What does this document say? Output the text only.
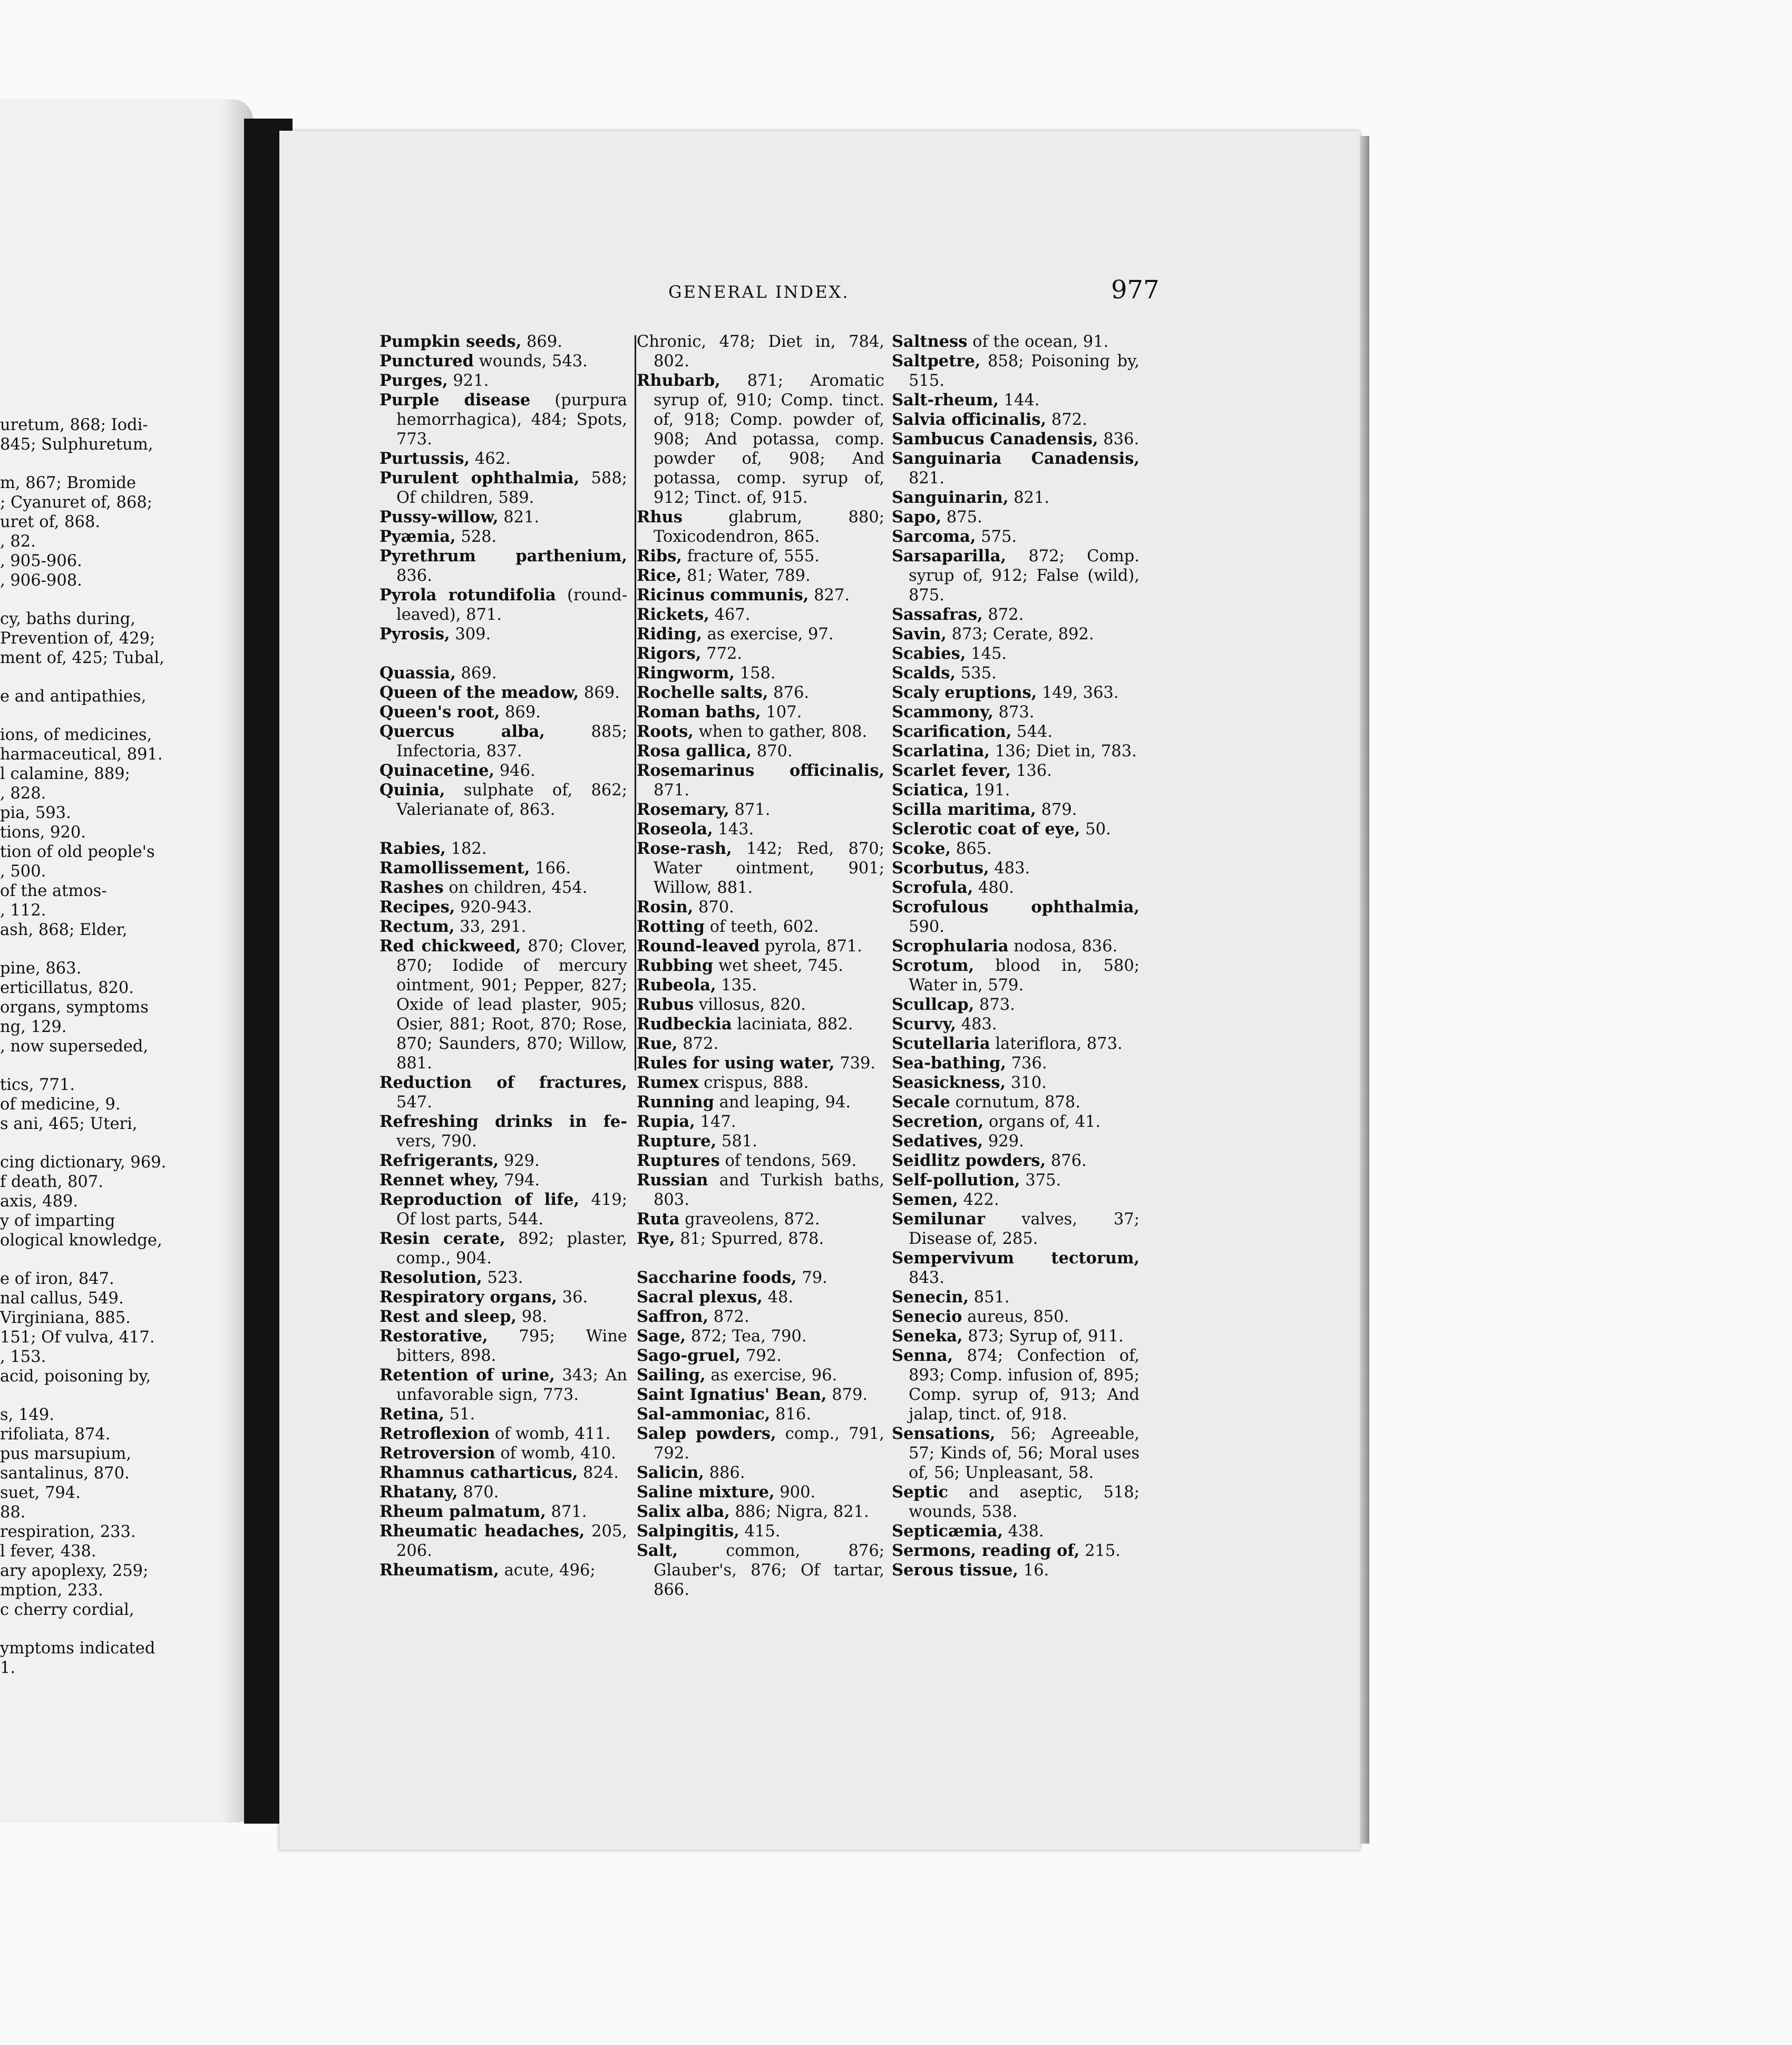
uretum, 868; Iodi-
845; Sulphuretum,
m, 867; Bromide
; Cyanuret of, 868;
uret of, 868.
, 82.
, 905-906.
, 906-908.
cy, baths during,
Prevention of, 429;
ment of, 425; Tubal,
e and antipathies,
ions, of medicines,
harmaceutical, 891.
l calamine, 889;
, 828.
pia, 593.
tions, 920.
tion of old people's
, 500.
of the atmos-
, 112.
ash, 868; Elder,
pine, 863.
erticillatus, 820.
organs, symptoms
ng, 129.
, now superseded,
tics, 771.
of medicine, 9.
s ani, 465; Uteri,
cing dictionary, 969.
f death, 807.
axis, 489.
y of imparting
ological knowledge,
e of iron, 847.
nal callus, 549.
Virginiana, 885.
151; Of vulva, 417.
, 153.
acid, poisoning by,
s, 149.
rifoliata, 874.
pus marsupium,
santalinus, 870.
suet, 794.
88.
respiration, 233.
l fever, 438.
ary apoplexy, 259;
mption, 233.
c cherry cordial,
ymptoms indicated
1.
GENERAL INDEX.	977
Pumpkin seeds, 869.
Punctured wounds, 543.
Purges, 921.
Purple disease (purpura hemorrhagica), 484; Spots, 773.
Purtussis, 462.
Purulent ophthalmia, 588; Of children, 589.
Pussy-willow, 821.
Pyæmia, 528.
Pyrethrum parthenium, 836.
Pyrola rotundifolia (round-leaved), 871.
Pyrosis, 309.
Quassia, 869.
Queen of the meadow, 869.
Queen's root, 869.
Quercus alba, 885; Infectoria, 837.
Quinacetine, 946.
Quinia, sulphate of, 862; Valerianate of, 863.
Rabies, 182.
Ramollissement, 166.
Rashes on children, 454.
Recipes, 920-943.
Rectum, 33, 291.
Red chickweed, 870; Clover, 870; Iodide of mercury ointment, 901; Pepper, 827; Oxide of lead plaster, 905; Osier, 881; Root, 870; Rose, 870; Saunders, 870; Willow, 881.
Reduction of fractures, 547.
Refreshing drinks in fe- vers, 790.
Refrigerants, 929.
Rennet whey, 794.
Reproduction of life, 419; Of lost parts, 544.
Resin cerate, 892; plaster, comp., 904.
Resolution, 523.
Respiratory organs, 36.
Rest and sleep, 98.
Restorative, 795; Wine bitters, 898.
Retention of urine, 343; An unfavorable sign, 773.
Retina, 51.
Retroflexion of womb, 411.
Retroversion of womb, 410.
Rhamnus catharticus, 824.
Rhatany, 870.
Rheum palmatum, 871.
Rheumatic headaches, 205, 206.
Rheumatism, acute, 496;
Chronic, 478; Diet in, 784, 802.
Rhubarb, 871; Aromatic syrup of, 910; Comp. tinct. of, 918; Comp. powder of, 908; And potassa, comp. powder of, 908; And potassa, comp. syrup of, 912; Tinct. of, 915.
Rhus glabrum, 880; Toxicodendron, 865.
Ribs, fracture of, 555.
Rice, 81; Water, 789.
Ricinus communis, 827.
Rickets, 467.
Riding, as exercise, 97.
Rigors, 772.
Ringworm, 158.
Rochelle salts, 876.
Roman baths, 107.
Roots, when to gather, 808.
Rosa gallica, 870.
Rosemarinus officinalis, 871.
Rosemary, 871.
Roseola, 143.
Rose-rash, 142; Red, 870; Water ointment, 901; Willow, 881.
Rosin, 870.
Rotting of teeth, 602.
Round-leaved pyrola, 871.
Rubbing wet sheet, 745.
Rubeola, 135.
Rubus villosus, 820.
Rudbeckia laciniata, 882.
Rue, 872.
Rules for using water, 739.
Rumex crispus, 888.
Running and leaping, 94.
Rupia, 147.
Rupture, 581.
Ruptures of tendons, 569.
Russian and Turkish baths, 803.
Ruta graveolens, 872.
Rye, 81; Spurred, 878.
Saccharine foods, 79.
Sacral plexus, 48.
Saffron, 872.
Sage, 872; Tea, 790.
Sago-gruel, 792.
Sailing, as exercise, 96.
Saint Ignatius' Bean, 879.
Sal-ammoniac, 816.
Salep powders, comp., 791, 792.
Salicin, 886.
Saline mixture, 900.
Salix alba, 886; Nigra, 821.
Salpingitis, 415.
Salt, common, 876; Glauber's, 876; Of tartar, 866.
Saltness of the ocean, 91.
Saltpetre, 858; Poisoning by, 515.
Salt-rheum, 144.
Salvia officinalis, 872.
Sambucus Canadensis, 836.
Sanguinaria Canadensis, 821.
Sanguinarin, 821.
Sapo, 875.
Sarcoma, 575.
Sarsaparilla, 872; Comp. syrup of, 912; False (wild), 875.
Sassafras, 872.
Savin, 873; Cerate, 892.
Scabies, 145.
Scalds, 535.
Scaly eruptions, 149, 363.
Scammony, 873.
Scarification, 544.
Scarlatina, 136; Diet in, 783.
Scarlet fever, 136.
Sciatica, 191.
Scilla maritima, 879.
Sclerotic coat of eye, 50.
Scoke, 865.
Scorbutus, 483.
Scrofula, 480.
Scrofulous ophthalmia, 590.
Scrophularia nodosa, 836.
Scrotum, blood in, 580; Water in, 579.
Scullcap, 873.
Scurvy, 483.
Scutellaria lateriflora, 873.
Sea-bathing, 736.
Seasickness, 310.
Secale cornutum, 878.
Secretion, organs of, 41.
Sedatives, 929.
Seidlitz powders, 876.
Self-pollution, 375.
Semen, 422.
Semilunar valves, 37; Disease of, 285.
Sempervivum tectorum, 843.
Senecin, 851.
Senecio aureus, 850.
Seneka, 873; Syrup of, 911.
Senna, 874; Confection of, 893; Comp. infusion of, 895; Comp. syrup of, 913; And jalap, tinct. of, 918.
Sensations, 56; Agreeable, 57; Kinds of, 56; Moral uses of, 56; Unpleasant, 58.
Septic and aseptic, 518; wounds, 538.
Septicæmia, 438.
Sermons, reading of, 215.
Serous tissue, 16.
